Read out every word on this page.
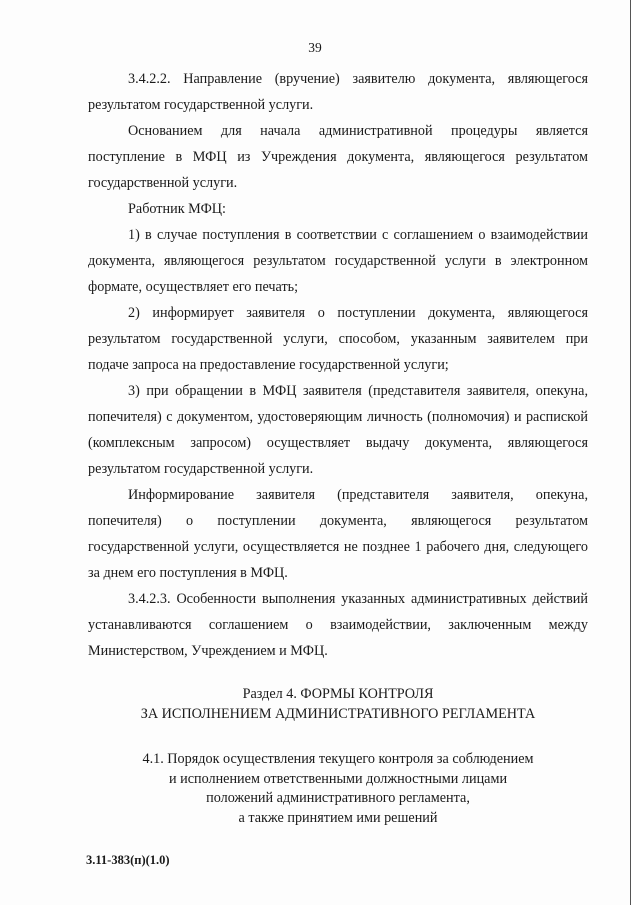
39

3.4.2.2. Направление (вручение) заявителю документа, являющегося результатом государственной услуги.

Основанием для начала административной процедуры является поступление в МФЦ из Учреждения документа, являющегося результатом государственной услуги.

Работник МФЦ:

1) в случае поступления в соответствии с соглашением о взаимодействии документа, являющегося результатом государственной услуги в электронном формате, осуществляет его печать;

2) информирует заявителя о поступлении документа, являющегося результатом государственной услуги, способом, указанным заявителем при подаче запроса на предоставление государственной услуги;

3) при обращении в МФЦ заявителя (представителя заявителя, опекуна, попечителя) с документом, удостоверяющим личность (полномочия) и распиской (комплексным запросом) осуществляет выдачу документа, являющегося результатом государственной услуги.

Информирование заявителя (представителя заявителя, опекуна, попечителя) о поступлении документа, являющегося результатом государственной услуги, осуществляется не позднее 1 рабочего дня, следующего за днем его поступления в МФЦ.

3.4.2.3. Особенности выполнения указанных административных действий устанавливаются соглашением о взаимодействии, заключенным между Министерством, Учреждением и МФЦ.

Раздел 4. ФОРМЫ КОНТРОЛЯ
ЗА ИСПОЛНЕНИЕМ АДМИНИСТРАТИВНОГО РЕГЛАМЕНТА
4.1. Порядок осуществления текущего контроля за соблюдением
и исполнением ответственными должностными лицами
положений административного регламента,
а также принятием ими решений
3.11-383(п)(1.0)
